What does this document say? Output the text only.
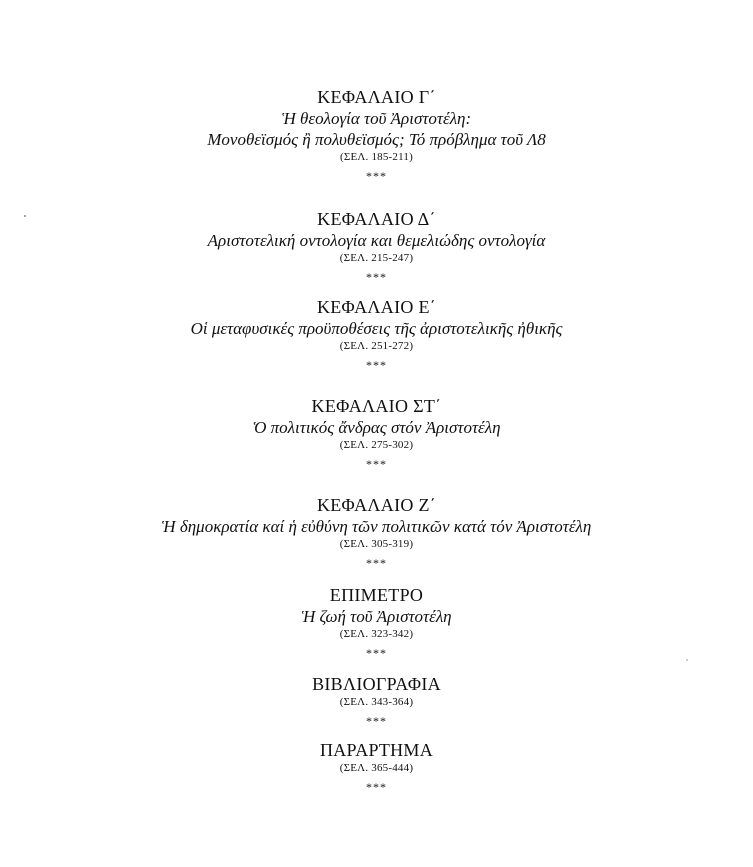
ΚΕΦΑΛΑΙΟ Γ΄
Ἡ θεολογία τοῦ Ἀριστοτέλη:
Μονοθεϊσμός ἢ πολυθεϊσμός; Τό πρόβλημα τοῦ Λ8
(ΣΕΛ. 185-211)
***
ΚΕΦΑΛΑΙΟ Δ΄
Αριστοτελική οντολογία και θεμελιώδης οντολογία
(ΣΕΛ. 215-247)
***
ΚΕΦΑΛΑΙΟ Ε΄
Οἱ μεταφυσικές προϋποθέσεις τῆς ἀριστοτελικῆς ἠθικῆς
(ΣΕΛ. 251-272)
***
ΚΕΦΑΛΑΙΟ ΣΤ΄
Ὁ πολιτικός ἄνδρας στόν Ἀριστοτέλη
(ΣΕΛ. 275-302)
***
ΚΕΦΑΛΑΙΟ Ζ΄
Ἡ δημοκρατία καί ἡ εὐθύνη τῶν πολιτικῶν κατά τόν Ἀριστοτέλη
(ΣΕΛ. 305-319)
***
ΕΠΙΜΕΤΡΟ
Ἡ ζωή τοῦ Ἀριστοτέλη
(ΣΕΛ. 323-342)
***
ΒΙΒΛΙΟΓΡΑΦΙΑ
(ΣΕΛ. 343-364)
***
ΠΑΡΑΡΤΗΜΑ
(ΣΕΛ. 365-444)
***
